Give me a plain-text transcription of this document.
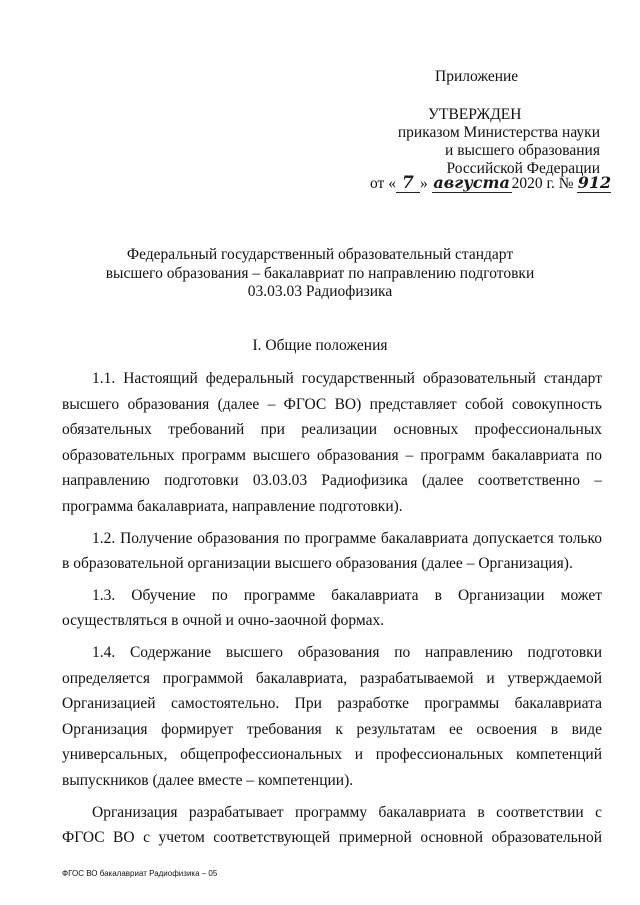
Приложение
УТВЕРЖДЕН
приказом Министерства науки
и высшего образования
Российской Федерации
от « 7 » августа 2020 г. № 912
Федеральный государственный образовательный стандарт
высшего образования – бакалавриат по направлению подготовки
03.03.03 Радиофизика
I. Общие положения

1.1. Настоящий федеральный государственный образовательный стандарт высшего образования (далее – ФГОС ВО) представляет собой совокупность обязательных требований при реализации основных профессиональных образовательных программ высшего образования – программ бакалавриата по направлению подготовки 03.03.03 Радиофизика (далее соответственно – программа бакалавриата, направление подготовки).

1.2. Получение образования по программе бакалавриата допускается только в образовательной организации высшего образования (далее – Организация).

1.3. Обучение по программе бакалавриата в Организации может осуществляться в очной и очно-заочной формах.

1.4. Содержание высшего образования по направлению подготовки определяется программой бакалавриата, разрабатываемой и утверждаемой Организацией самостоятельно. При разработке программы бакалавриата Организация формирует требования к результатам ее освоения в виде универсальных, общепрофессиональных и профессиональных компетенций выпускников (далее вместе – компетенции).

Организация разрабатывает программу бакалавриата в соответствии с ФГОС ВО с учетом соответствующей примерной основной образовательной

ФГОС ВО бакалавриат Радиофизика – 05
